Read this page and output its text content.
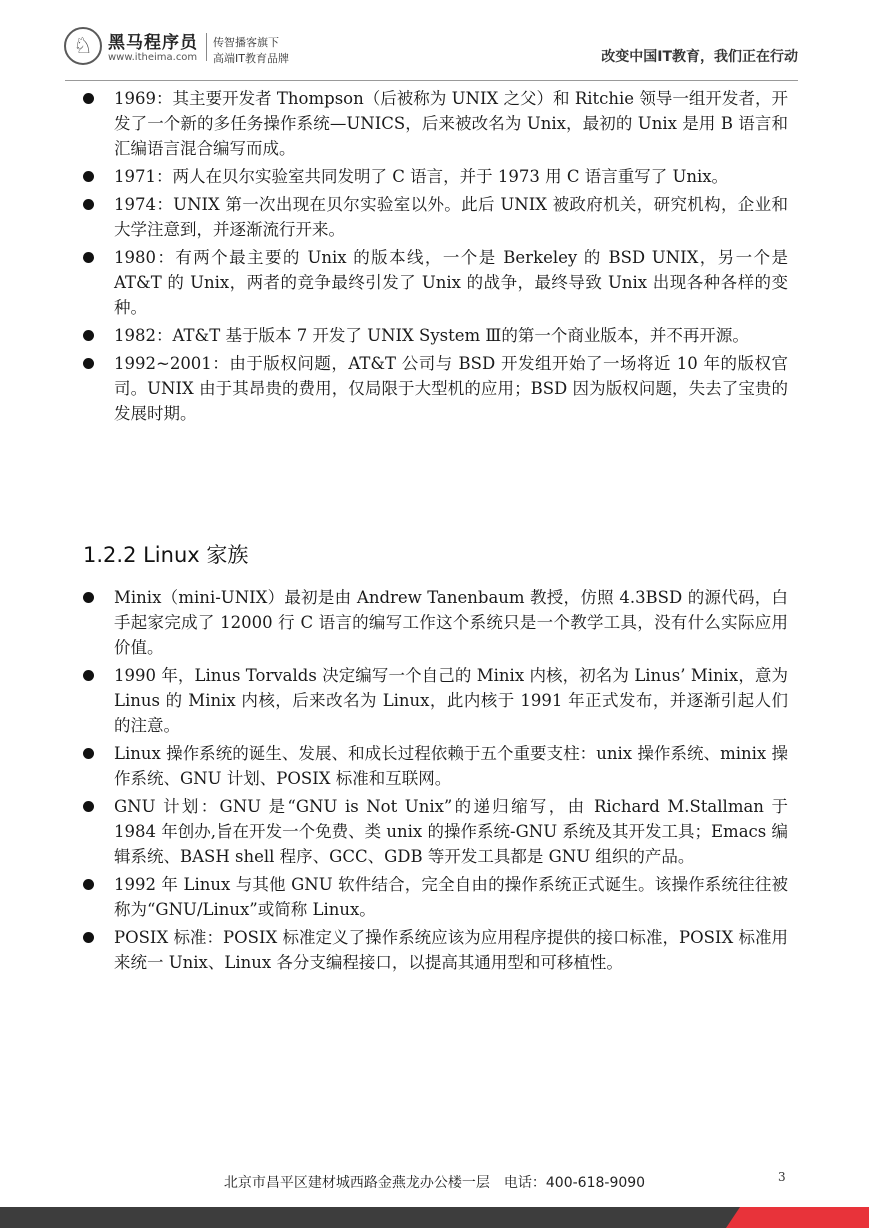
♘ 黑马程序员
www.itheima.com
传智播客旗下
高端IT教育品牌	改变中国IT教育，我们正在行动
1969：其主要开发者 Thompson（后被称为 UNIX 之父）和 Ritchie 领导一组开发者，开发了一个新的多任务操作系统—UNICS，后来被改名为 Unix，最初的 Unix 是用 B 语言和汇编语言混合编写而成。
1971：两人在贝尔实验室共同发明了 C 语言，并于 1973 用 C 语言重写了 Unix。
1974：UNIX 第一次出现在贝尔实验室以外。此后 UNIX 被政府机关，研究机构，企业和大学注意到，并逐渐流行开来。
1980：有两个最主要的 Unix 的版本线，一个是 Berkeley 的 BSD UNIX，另一个是 AT&T 的 Unix，两者的竞争最终引发了 Unix 的战争，最终导致 Unix 出现各种各样的变种。
1982：AT&T 基于版本 7 开发了 UNIX System Ⅲ的第一个商业版本，并不再开源。
1992~2001：由于版权问题，AT&T 公司与 BSD 开发组开始了一场将近 10 年的版权官司。UNIX 由于其昂贵的费用，仅局限于大型机的应用；BSD 因为版权问题，失去了宝贵的发展时期。
1.2.2 Linux 家族
Minix（mini-UNIX）最初是由 Andrew Tanenbaum 教授，仿照 4.3BSD 的源代码，白手起家完成了 12000 行 C 语言的编写工作这个系统只是一个教学工具，没有什么实际应用价值。
1990 年，Linus Torvalds 决定编写一个自己的 Minix 内核，初名为 Linus’ Minix，意为 Linus 的 Minix 内核，后来改名为 Linux，此内核于 1991 年正式发布，并逐渐引起人们的注意。
Linux 操作系统的诞生、发展、和成长过程依赖于五个重要支柱：unix 操作系统、minix 操作系统、GNU 计划、POSIX 标准和互联网。
GNU 计划：GNU 是“GNU is Not Unix”的递归缩写，由 Richard M.Stallman 于 1984 年创办,旨在开发一个免费、类 unix 的操作系统-GNU 系统及其开发工具；Emacs 编辑系统、BASH shell 程序、GCC、GDB 等开发工具都是 GNU 组织的产品。
1992 年 Linux 与其他 GNU 软件结合，完全自由的操作系统正式诞生。该操作系统往往被称为“GNU/Linux”或简称 Linux。
POSIX 标准：POSIX 标准定义了操作系统应该为应用程序提供的接口标准，POSIX 标准用来统一 Unix、Linux 各分支编程接口，以提高其通用型和可移植性。
北京市昌平区建材城西路金燕龙办公楼一层　电话：400-618-9090	3
